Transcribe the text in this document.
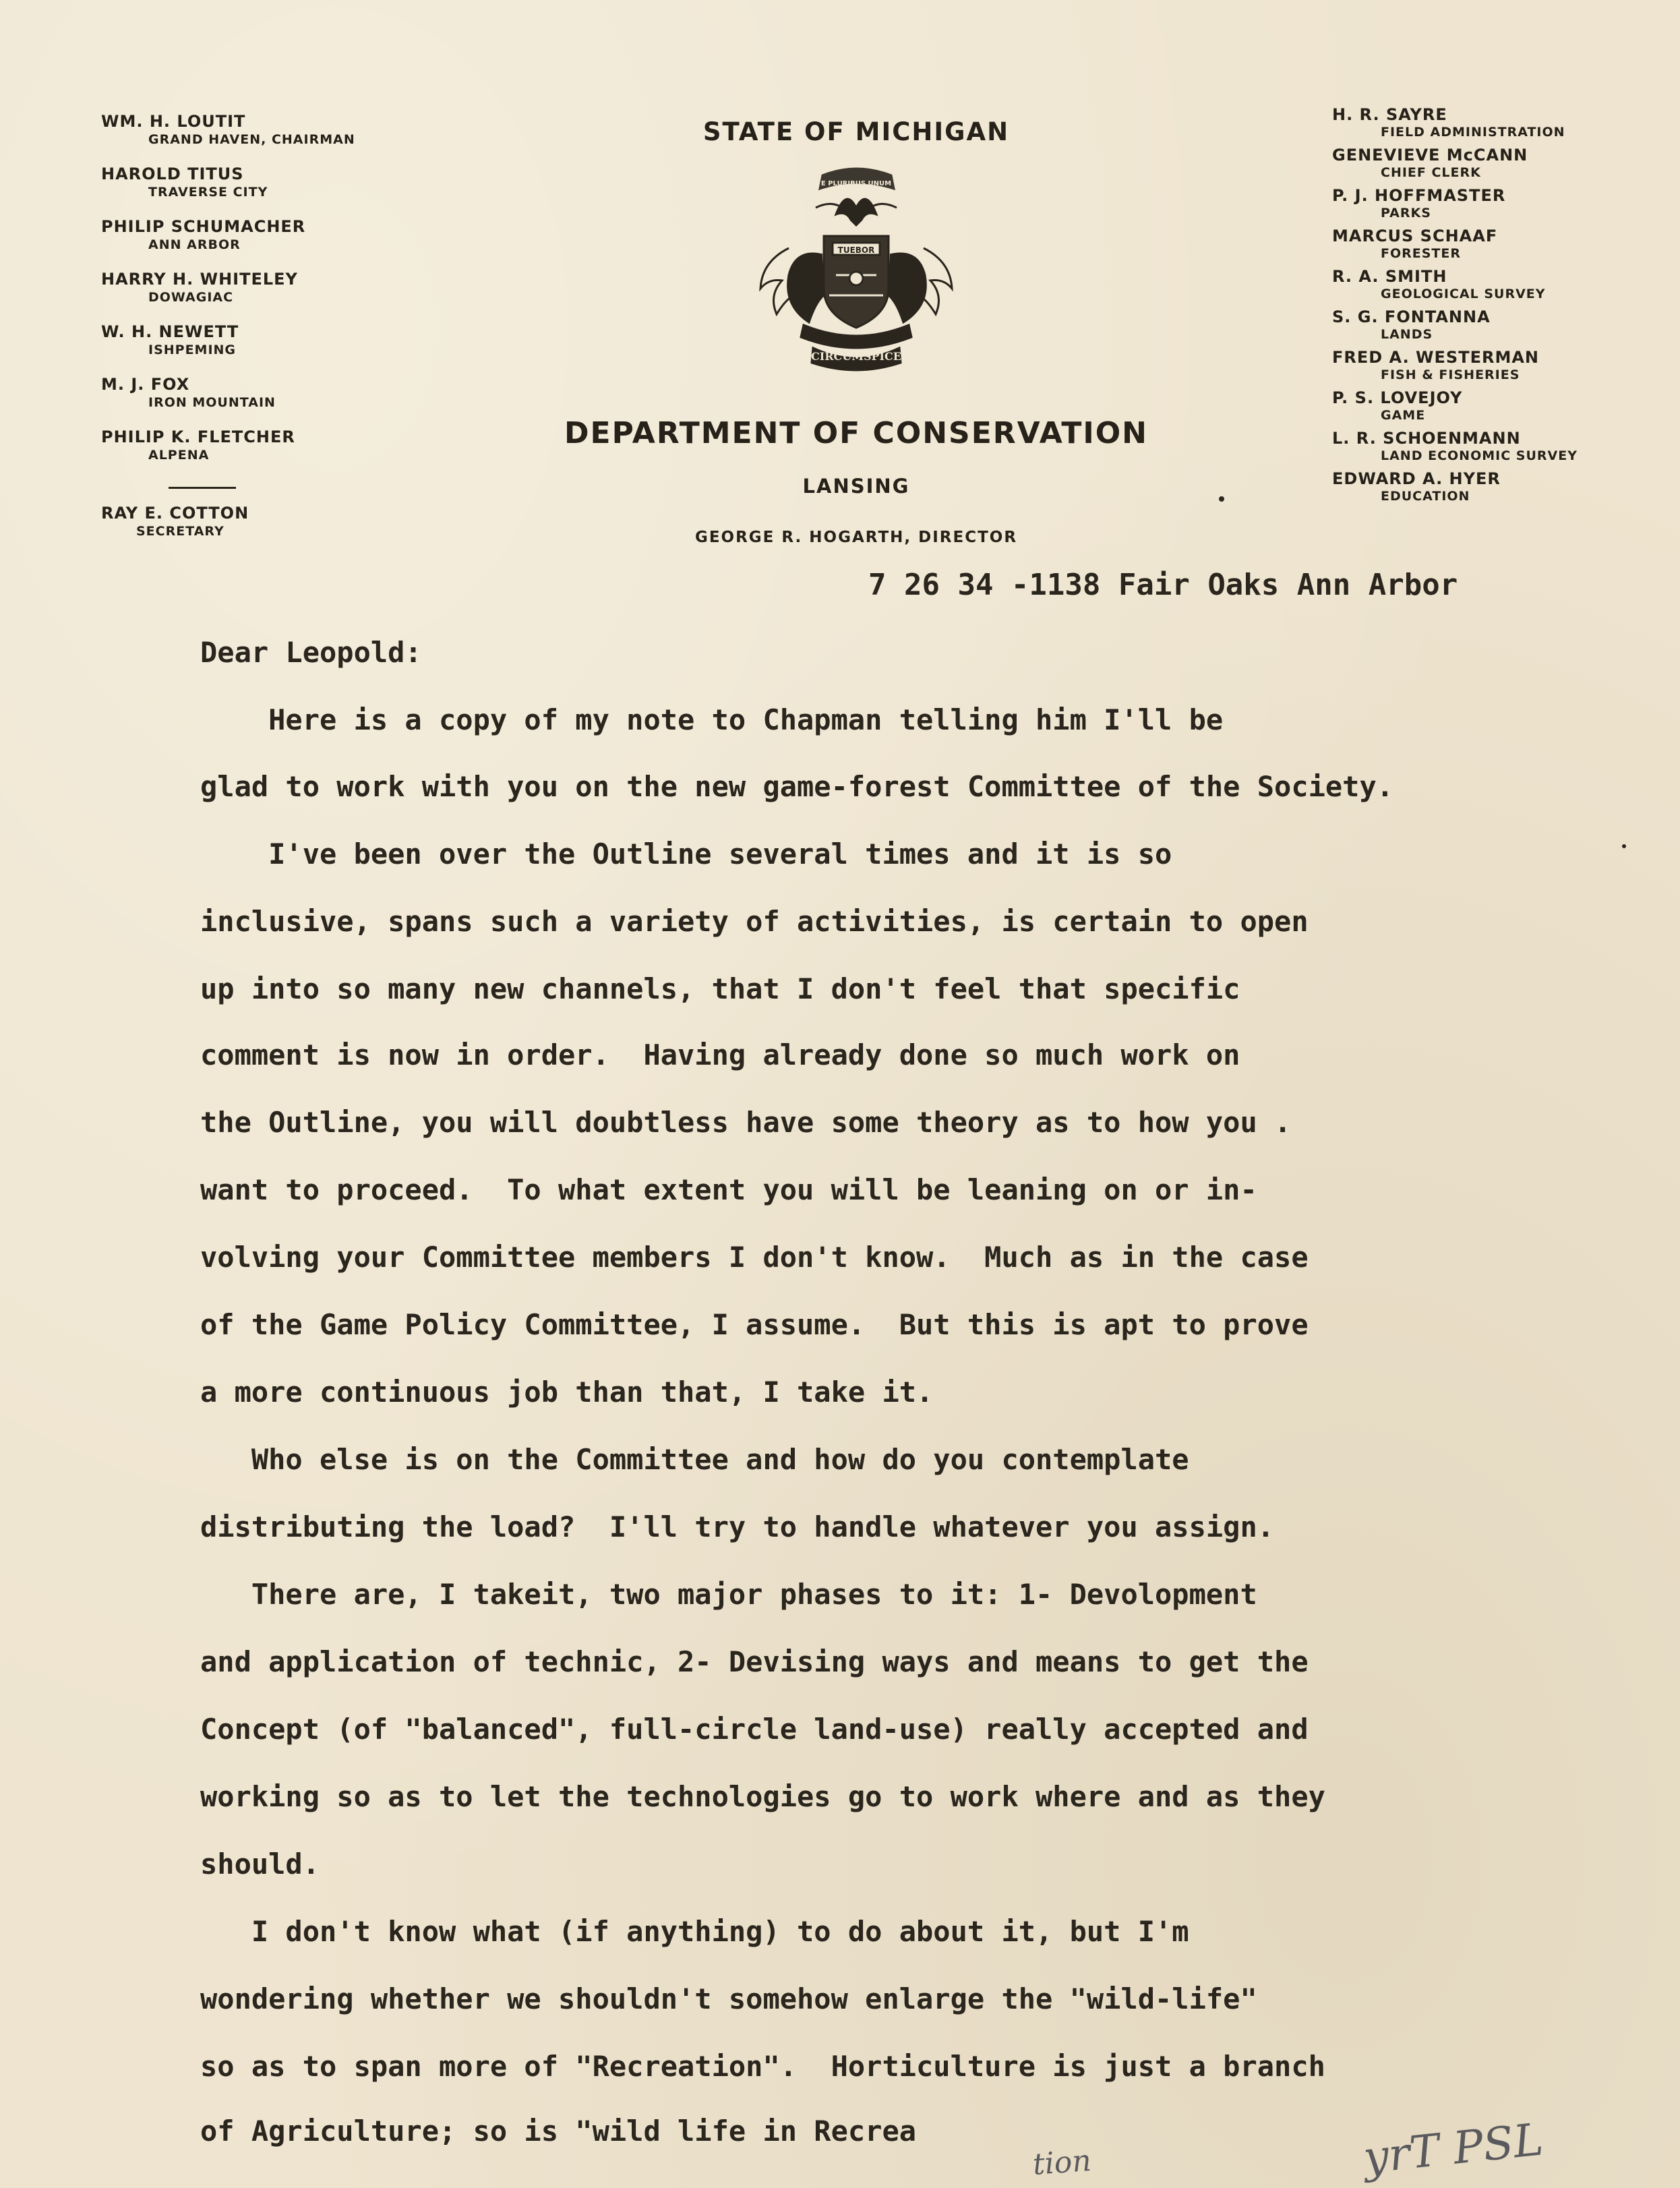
WM. H. LOUTIT
GRAND HAVEN, CHAIRMAN
HAROLD TITUS
TRAVERSE CITY
PHILIP SCHUMACHER
ANN ARBOR
HARRY H. WHITELEY
DOWAGIAC
W. H. NEWETT
ISHPEMING
M. J. FOX
IRON MOUNTAIN
PHILIP K. FLETCHER
ALPENA
RAY E. COTTON
SECRETARY
STATE OF MICHIGAN
TUEBOR
E PLURIBUS UNUM
CIRCUMSPICE
DEPARTMENT OF CONSERVATION
LANSING
GEORGE R. HOGARTH, DIRECTOR
H. R. SAYRE
FIELD ADMINISTRATION
GENEVIEVE McCANN
CHIEF CLERK
P. J. HOFFMASTER
PARKS
MARCUS SCHAAF
FORESTER
R. A. SMITH
GEOLOGICAL SURVEY
S. G. FONTANNA
LANDS
FRED A. WESTERMAN
FISH & FISHERIES
P. S. LOVEJOY
GAME
L. R. SCHOENMANN
LAND ECONOMIC SURVEY
EDWARD A. HYER
EDUCATION
7 26 34 -1138 Fair Oaks Ann Arbor
Dear Leopold:
Here is a copy of my note to Chapman telling him I'll be
glad to work with you on the new game-forest Committee of the Society.
I've been over the Outline several times and it is so
inclusive, spans such a variety of activities, is certain to open
up into so many new channels, that I don't feel that specific
comment is now in order.  Having already done so much work on
the Outline, you will doubtless have some theory as to how you .
want to proceed.  To what extent you will be leaning on or in-
volving your Committee members I don't know.  Much as in the case
of the Game Policy Committee, I assume.  But this is apt to prove
a more continuous job than that, I take it.
Who else is on the Committee and how do you contemplate
distributing the load?  I'll try to handle whatever you assign.
There are, I takeit, two major phases to it: 1- Devolopment
and application of technic, 2- Devising ways and means to get the
Concept (of "balanced", full-circle land-use) really accepted and
working so as to let the technologies go to work where and as they
should.
I don't know what (if anything) to do about it, but I'm
wondering whether we shouldn't somehow enlarge the "wild-life"
so as to span more of "Recreation".  Horticulture is just a branch
of Agriculture; so is "wild life in Recrea
tion	yrT PSL
